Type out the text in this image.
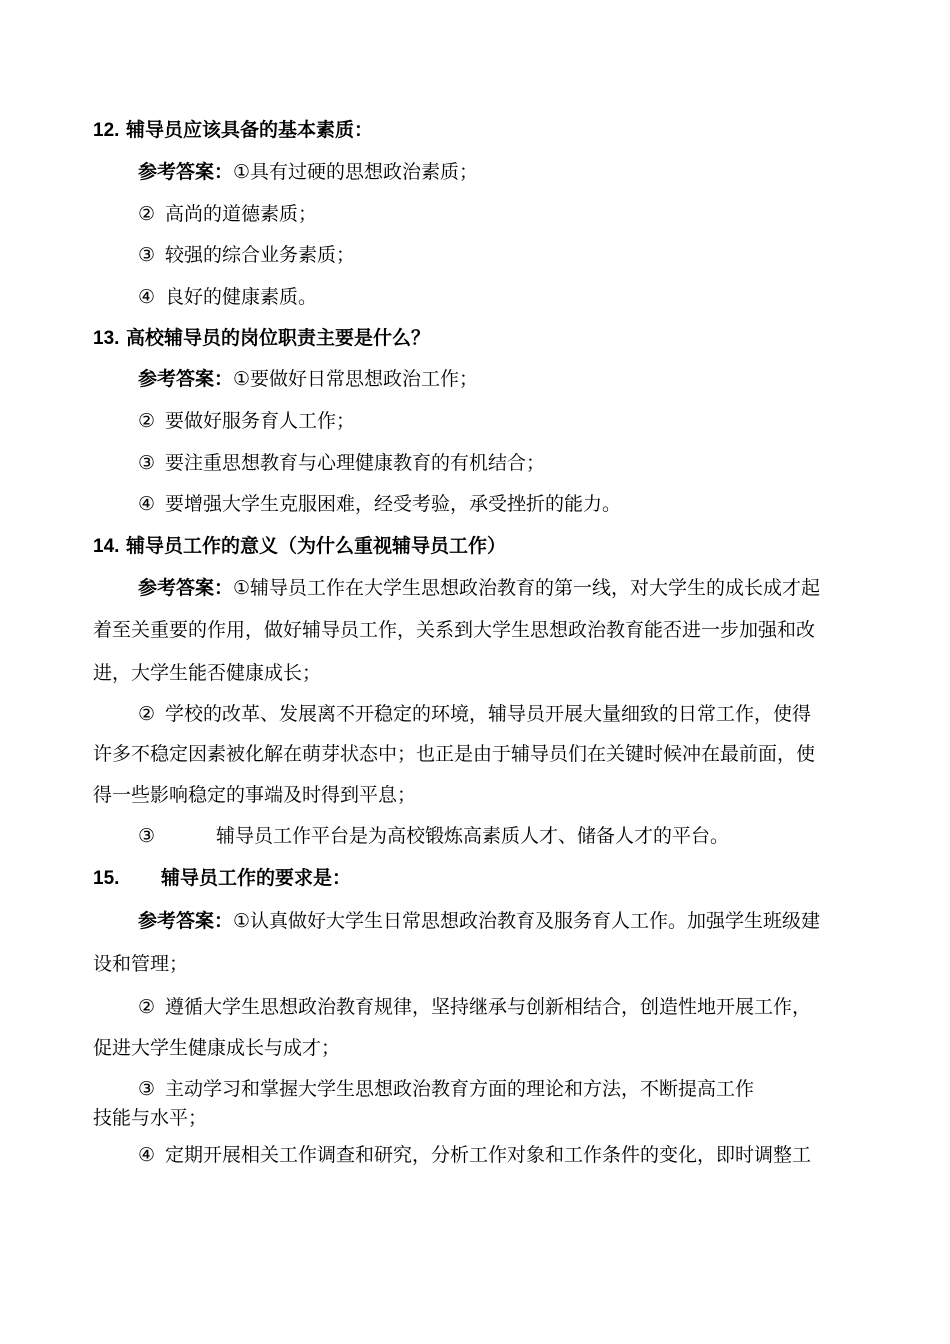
12. 辅导员应该具备的基本素质：
参考答案：①具有过硬的思想政治素质；
② 高尚的道德素质；
③ 较强的综合业务素质；
④ 良好的健康素质。
13. 高校辅导员的岗位职责主要是什么？
参考答案：①要做好日常思想政治工作；
② 要做好服务育人工作；
③ 要注重思想教育与心理健康教育的有机结合；
④ 要增强大学生克服困难，经受考验，承受挫折的能力。
14. 辅导员工作的意义（为什么重视辅导员工作）
参考答案：①辅导员工作在大学生思想政治教育的第一线，对大学生的成长成才起
着至关重要的作用，做好辅导员工作，关系到大学生思想政治教育能否进一步加强和改
进，大学生能否健康成长；
② 学校的改革、发展离不开稳定的环境，辅导员开展大量细致的日常工作，使得
许多不稳定因素被化解在萌芽状态中；也正是由于辅导员们在关键时候冲在最前面，使
得一些影响稳定的事端及时得到平息；
③	辅导员工作平台是为高校锻炼高素质人才、储备人才的平台。
15. 辅导员工作的要求是：
参考答案：①认真做好大学生日常思想政治教育及服务育人工作。加强学生班级建
设和管理；
② 遵循大学生思想政治教育规律，坚持继承与创新相结合，创造性地开展工作，
促进大学生健康成长与成才；
③ 主动学习和掌握大学生思想政治教育方面的理论和方法，不断提高工作
技能与水平；
④ 定期开展相关工作调查和研究，分析工作对象和工作条件的变化，即时调整工
